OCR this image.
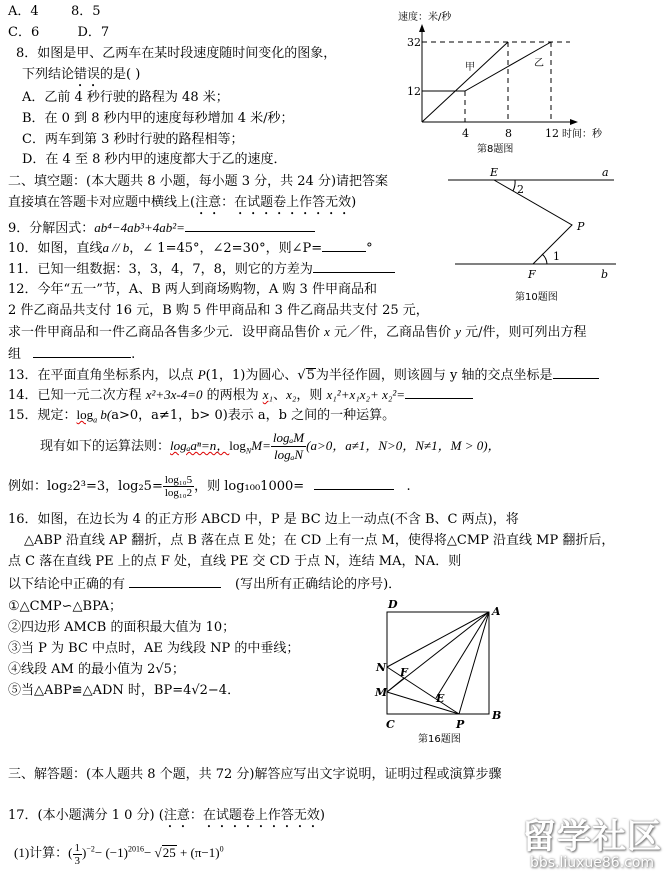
A．4 8．5
C．6	D．7
8．如图是甲、乙两车在某时段速度随时间变化的图象，
下列结论错误的是( )
A．乙前 4 秒行驶的路程为 48 米；
B．在 0 到 8 秒内甲的速度每秒增加 4 米/秒；
C．两车到第 3 秒时行驶的路程相等；
D．在 4 至 8 秒内甲的速度都大于乙的速度．
速度：米/秒
32
12
4	8	12 时间：秒
甲	乙
第8题图
二、填空题：(本大题共 8 小题，每小题 3 分，共 24 分)请把答案
直接填在答题卡对应题中横线上(注意：在试题卷上作答无效)
9．分解因式：ab⁴−4ab³+4ab²=
10．如图，直线a // b，∠ 1=45°，∠2=30°，则∠P=	°
11．已知一组数据：3，3，4，7，8，则它的方差为
E	a
2
P
1
F	b
第10题图
12．今年“五一”节，A、B 两人到商场购物，A 购 3 件甲商品和
2 件乙商品共支付 16 元，B 购 5 件甲商品和 3 件乙商品共支付 25 元，
求一件甲商品和一件乙商品各售多少元．设甲商品售价 x 元／件，乙商品售价 y 元/件，则可列出方程
组	.
13．在平面直角坐标系内，以点 P(1，1)为圆心、√5为半径作圆，则该圆与 y 轴的交点坐标是
14．已知一元二次方程 x²+3x-4=0 的两根为 x₁、x₂，则 x₁²+x₁x₂+ x₂²=
15．规定：$\log_a b(a>0$，a≠1，b> 0)表示 a，b 之间的一种运算。
现有如下的运算法则：logₐaⁿ=n，$\log_NM= \frac{\text{logₐM}}{\text{logₐN}} (a>0$，a≠1，N>0，N≠1，M > 0)，
例如：log₂2³=3，$\log_25= \frac{\text{log₁₀5}}{\text{log₁₀2}}$ ，则 log₁₀₀1000=	.
16．如图，在边长为 4 的正方形 ABCD 中，P 是 BC 边上一动点(不含 B、C 两点)，将
△ABP 沿直线 AP 翻折，点 B 落在点 E 处；在 CD 上有一点 M，使得将△CMP 沿直线 MP 翻折后，
点 C 落在直线 PE 上的点 F 处，直线 PE 交 CD 于点 N，连结 MA，NA．则
以下结论中正确的有	(写出所有正确结论的序号)．
①△CMP∽△BPA；
②四边形 AMCB 的面积最大值为 10；
③当 P 为 BC 中点时，AE 为线段 NP 的中垂线；
④线段 AM 的最小值为 2√5；
⑤当△ABP≌△ADN 时，BP=4√2−4．
D
A
N F
M	E
C	P
B
第16题图
三、解答题：(本人题共 8 个题，共 72 分)解答应写出文字说明，证明过程或演算步骤
17．(本小题满分 1 0 分) (注意：在试题卷上作答无效)
(1)计算：( $\frac{1}{3} )^{-2}- (-1)^{2016}- √25 + (\pi-1)^0$	留学社区
bbs.liuxue86.com
